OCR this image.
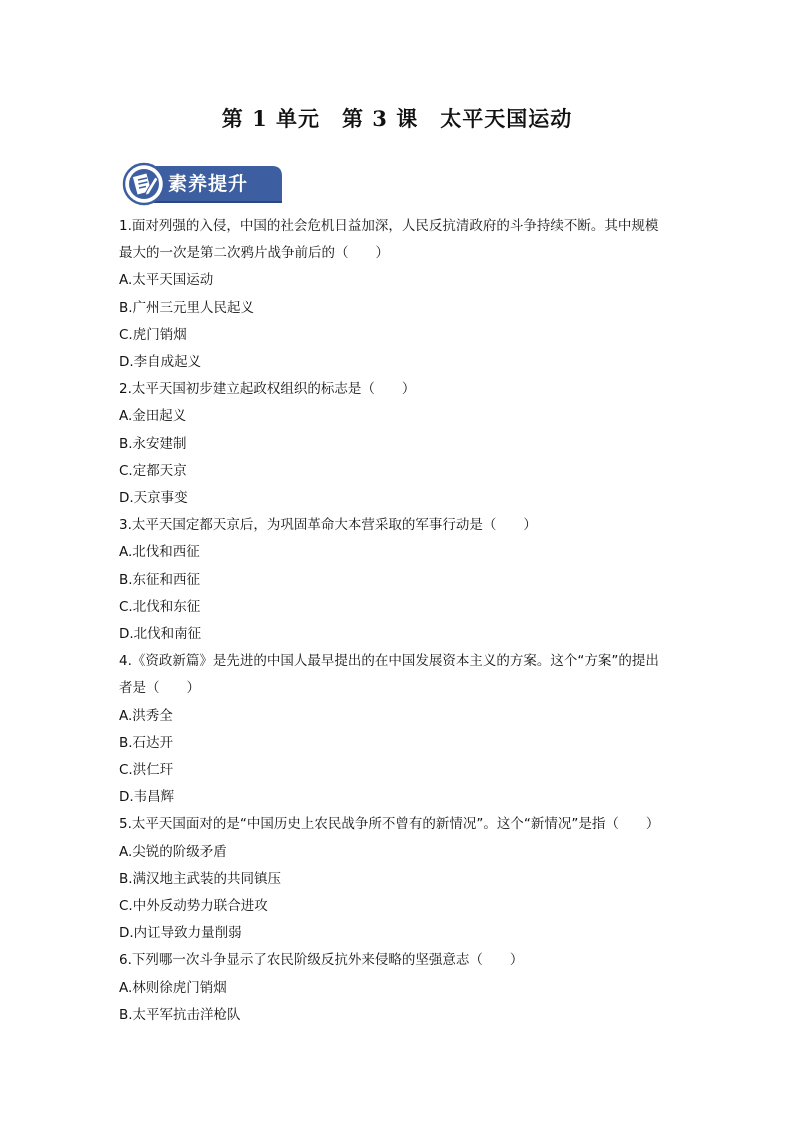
第 1 单元 第 3 课 太平天国运动
素养提升
1.面对列强的入侵，中国的社会危机日益加深，人民反抗清政府的斗争持续不断。其中规模
最大的一次是第二次鸦片战争前后的（　　）
A.太平天国运动
B.广州三元里人民起义
C.虎门销烟
D.李自成起义
2.太平天国初步建立起政权组织的标志是（　　）
A.金田起义
B.永安建制
C.定都天京
D.天京事变
3.太平天国定都天京后，为巩固革命大本营采取的军事行动是（　　）
A.北伐和西征
B.东征和西征
C.北伐和东征
D.北伐和南征
4.《资政新篇》是先进的中国人最早提出的在中国发展资本主义的方案。这个“方案”的提出
者是（　　）
A.洪秀全
B.石达开
C.洪仁玕
D.韦昌辉
5.太平天国面对的是“中国历史上农民战争所不曾有的新情况”。这个“新情况”是指（　　）
A.尖锐的阶级矛盾
B.满汉地主武装的共同镇压
C.中外反动势力联合进攻
D.内讧导致力量削弱
6.下列哪一次斗争显示了农民阶级反抗外来侵略的坚强意志（　　）
A.林则徐虎门销烟
B.太平军抗击洋枪队
